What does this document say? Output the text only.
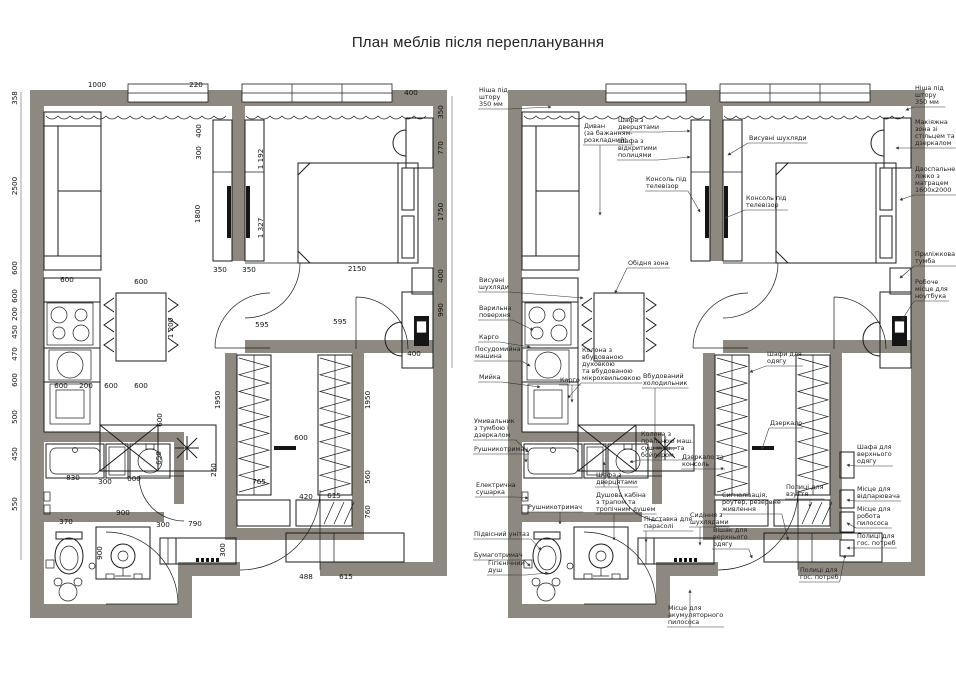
План меблів після перепланування
1000	220
400
358
2500
600
600
200
450
470
600
500
450
550
400
300
1800
1 192
1 327
350 350	2150
350
770
1750
400
990
400
600	600
1 200
600 200 600 600
600
1950
595	595
1950
600
250
765
420 615
560
760
830	300 600
650
370
900
900
300	790
300
488	615
Ніша під штору 350 мм
Диван (за бажанням-розкладний)
Шафа з дверцятами
Шафа з відкритими полицями
Консоль під телевізор
Висувні шухляди
Консоль під телевізор
Обідня зона
Висувні шухляди
Варильна поверхня
Карго
Посудомийна машина
Мийка
Колона з вбудованою духовкою та вбудованою мікрохвильовкою
Карго	Вбудований холодильник
Умивальник з тумбою і дзеркалом
Рушникотримач
Електрична сушарка
Рушникотримач
Підвісний унітаз
Бумаготримач
Гігієнічний душ
Шафа з дверцятами
Душова кабіна з трапом та тропічним душем
Колона з пральною маш., суш маш., та бойлером	Дзеркало та консоль
Шафи для одягу
Дзеркало
Полиці для взуття
Сигналізація, роутер, резервне живлення
Підставка для парасолі
Сидіння з шухлядами
Вішак для верхнього одягу
Місце для акумуляторного пилососа
Полиці для гос. потреб
Ніша під штору 350 мм
Макіяжна зона зі стільцем та дзеркалом
Двоспальне ліжко з матрацем 1600х2000
Приліжкова тумба
Робоче місце для ноутбука
Шафа для верхнього одягу
Місце для відпарювача
Місце для робота пилососа
Полиці для гос. потреб
